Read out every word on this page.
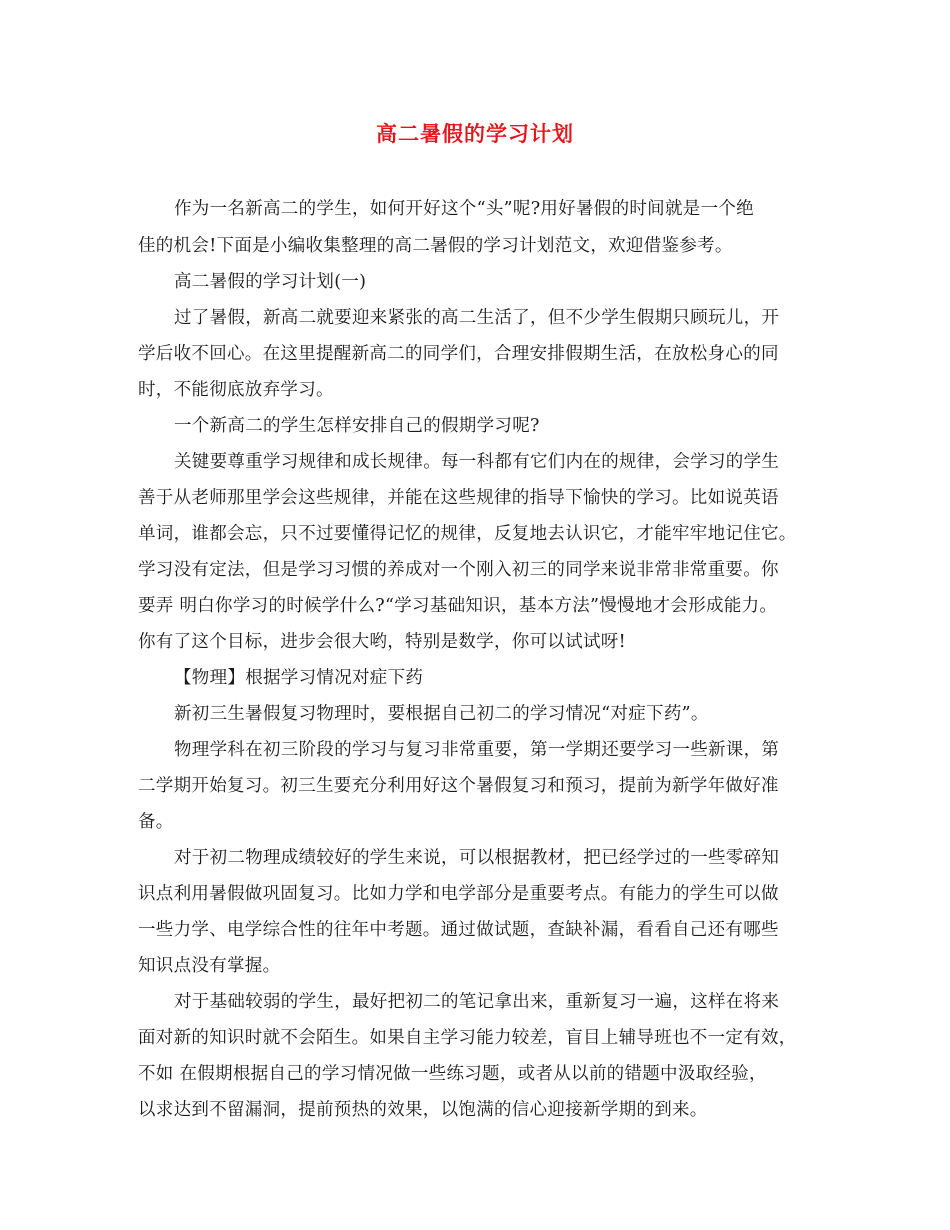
高二暑假的学习计划
作为一名新高二的学生，如何开好这个“头”呢?用好暑假的时间就是一个绝
佳的机会!下面是小编收集整理的高二暑假的学习计划范文，欢迎借鉴参考。
高二暑假的学习计划(一)
过了暑假，新高二就要迎来紧张的高二生活了，但不少学生假期只顾玩儿，开
学后收不回心。在这里提醒新高二的同学们，合理安排假期生活，在放松身心的同
时，不能彻底放弃学习。
一个新高二的学生怎样安排自己的假期学习呢?
关键要尊重学习规律和成长规律。每一科都有它们内在的规律，会学习的学生
善于从老师那里学会这些规律，并能在这些规律的指导下愉快的学习。比如说英语
单词，谁都会忘，只不过要懂得记忆的规律，反复地去认识它，才能牢牢地记住它。
学习没有定法，但是学习习惯的养成对一个刚入初三的同学来说非常非常重要。你
要弄 明白你学习的时候学什么?“学习基础知识，基本方法”慢慢地才会形成能力。
你有了这个目标，进步会很大哟，特别是数学，你可以试试呀!
【物理】根据学习情况对症下药
新初三生暑假复习物理时，要根据自己初二的学习情况“对症下药”。
物理学科在初三阶段的学习与复习非常重要，第一学期还要学习一些新课，第
二学期开始复习。初三生要充分利用好这个暑假复习和预习，提前为新学年做好准
备。
对于初二物理成绩较好的学生来说，可以根据教材，把已经学过的一些零碎知
识点利用暑假做巩固复习。比如力学和电学部分是重要考点。有能力的学生可以做
一些力学、电学综合性的往年中考题。通过做试题，查缺补漏，看看自己还有哪些
知识点没有掌握。
对于基础较弱的学生，最好把初二的笔记拿出来，重新复习一遍，这样在将来
面对新的知识时就不会陌生。如果自主学习能力较差，盲目上辅导班也不一定有效，
不如 在假期根据自己的学习情况做一些练习题，或者从以前的错题中汲取经验，
以求达到不留漏洞，提前预热的效果，以饱满的信心迎接新学期的到来。
